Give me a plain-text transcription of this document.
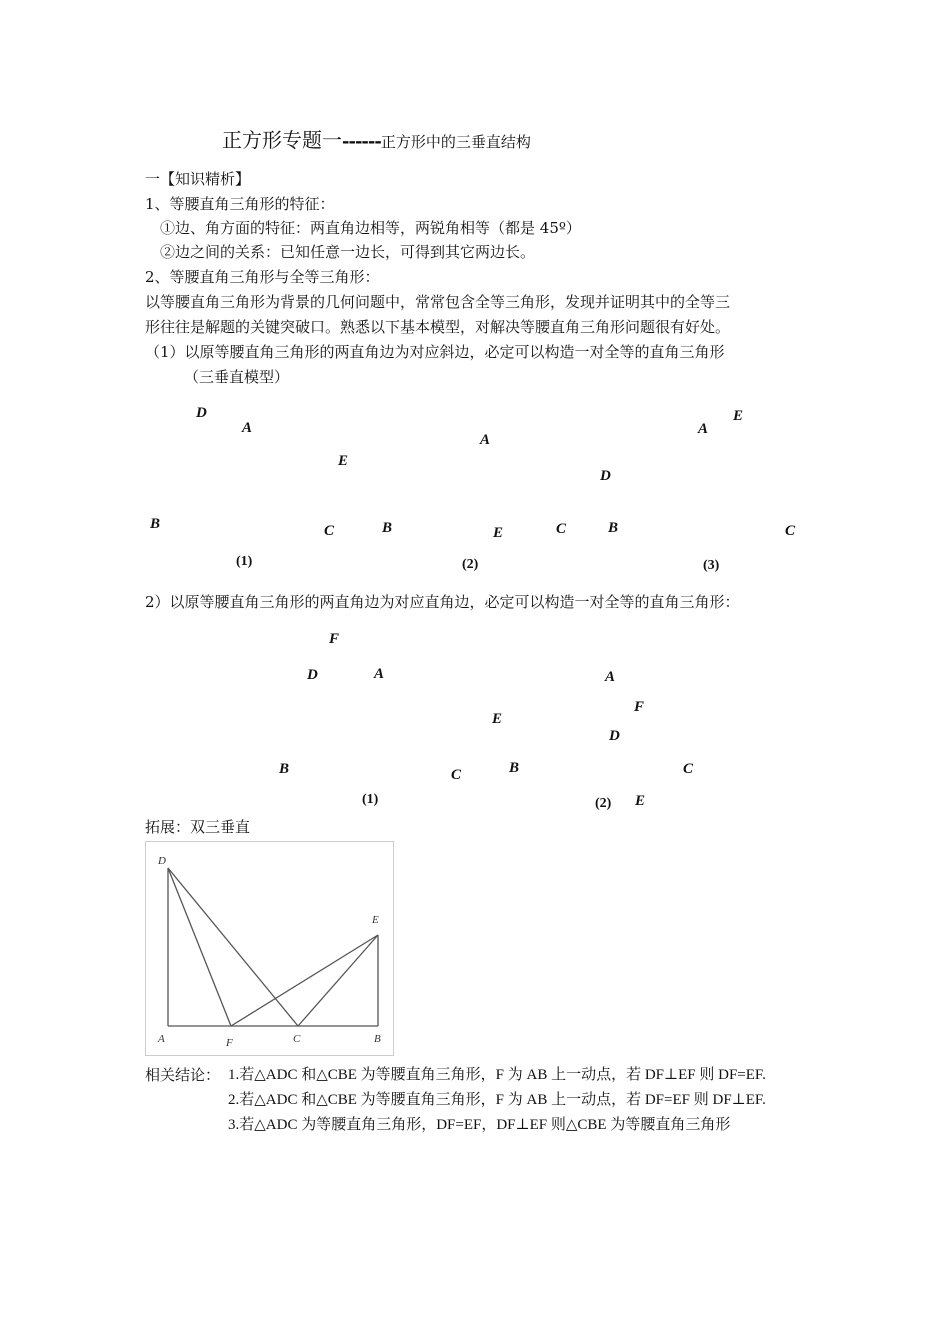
正方形专题一------正方形中的三垂直结构
一【知识精析】
1、等腰直角三角形的特征：
①边、角方面的特征：两直角边相等，两锐角相等（都是 45º）
②边之间的关系：已知任意一边长，可得到其它两边长。
2、等腰直角三角形与全等三角形：
以等腰直角三角形为背景的几何问题中，常常包含全等三角形，发现并证明其中的全等三
形往往是解题的关键突破口。熟悉以下基本模型，对解决等腰直角三角形问题很有好处。
（1）以原等腰直角三角形的两直角边为对应斜边，必定可以构造一对全等的直角三角形
（三垂直模型）
D
A
E
B	C	B
A
E
D
C	B
A
E
C
(1)	(2)	(3)
2）以原等腰直角三角形的两直角边为对应直角边，必定可以构造一对全等的直角三角形：
F
D	A
B
E
C
A
F
D
B	C
E
(1)	(2)
拓展：双三垂直
D
E
A	F	C	B
相关结论： 1.若△ADC 和△CBE 为等腰直角三角形，F 为 AB 上一动点，若 DF⊥EF 则 DF=EF.
2.若△ADC 和△CBE 为等腰直角三角形，F 为 AB 上一动点，若 DF=EF 则 DF⊥EF.
3.若△ADC 为等腰直角三角形，DF=EF，DF⊥EF 则△CBE 为等腰直角三角形
